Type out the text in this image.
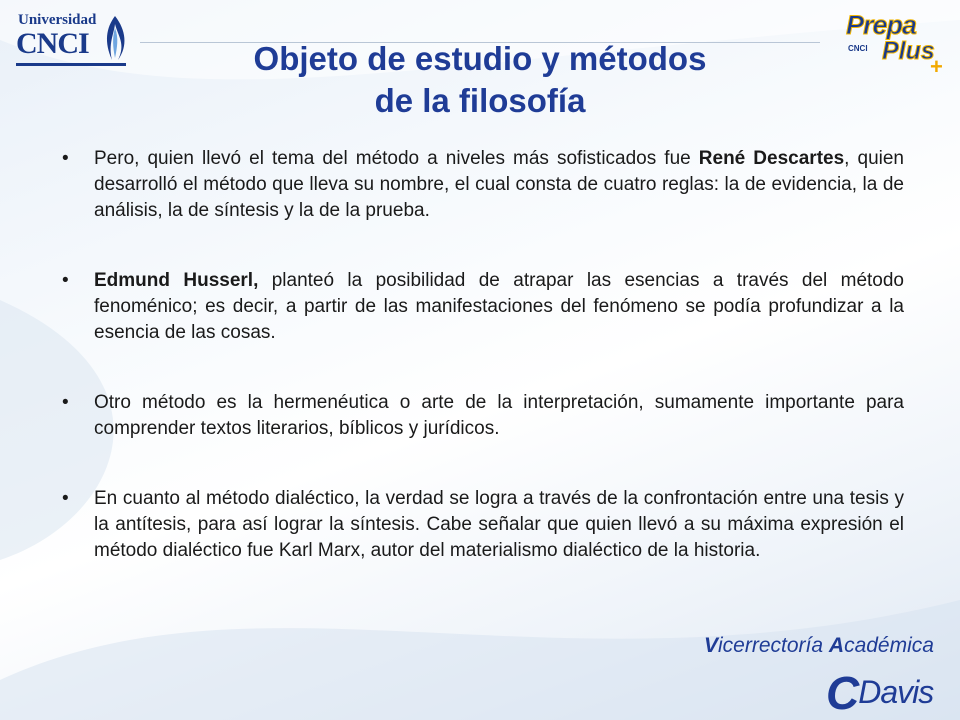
Universidad
CNCI
Prepa
CNCI Plus
+
Objeto de estudio y métodos
de la filosofía
• Pero, quien llevó el tema del método a niveles más sofisticados fue René Descartes, quien desarrolló el método que lleva su nombre, el cual consta de cuatro reglas: la de evidencia, la de análisis, la de síntesis y la de la prueba.
• Edmund Husserl, planteó la posibilidad de atrapar las esencias a través del método fenoménico; es decir, a partir de las manifestaciones del fenómeno se podía profundizar a la esencia de las cosas.
• Otro método es la hermenéutica o arte de la interpretación, sumamente importante para comprender textos literarios, bíblicos y jurídicos.
• En cuanto al método dialéctico, la verdad se logra a través de la confrontación entre una tesis y la antítesis, para así lograr la síntesis. Cabe señalar que quien llevó a su máxima expresión el método dialéctico fue Karl Marx, autor del materialismo dialéctico de la historia.
Vicerrectoría Académica
CDavis
